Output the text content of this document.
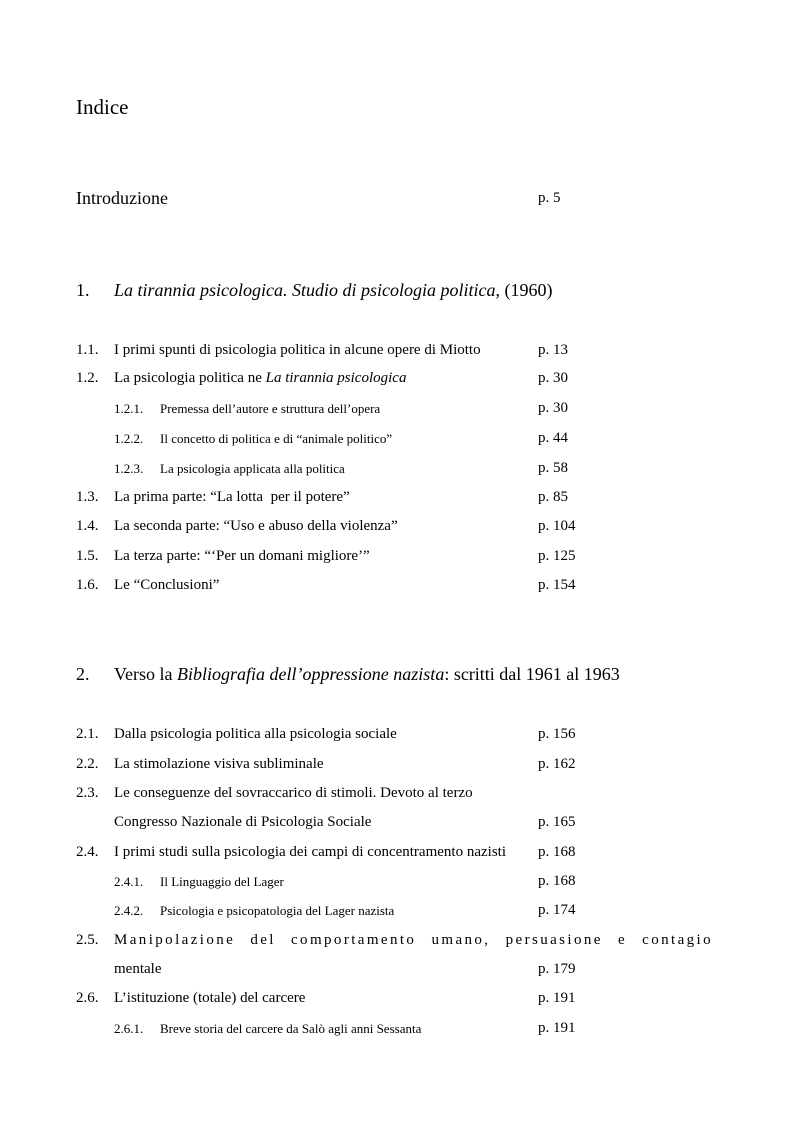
Indice
Introduzione	p. 5
1. La tirannia psicologica. Studio di psicologia politica, (1960)
1.1. I primi spunti di psicologia politica in alcune opere di Miotto	p. 13
1.2. La psicologia politica ne La tirannia psicologica	p. 30
1.2.1. Premessa dell’autore e struttura dell’opera	p. 30
1.2.2. Il concetto di politica e di “animale politico”	p. 44
1.2.3. La psicologia applicata alla politica	p. 58
1.3. La prima parte: “La lotta  per il potere”	p. 85
1.4. La seconda parte: “Uso e abuso della violenza”	p. 104
1.5. La terza parte: “‘Per un domani migliore’”	p. 125
1.6. Le “Conclusioni”	p. 154
2. Verso la Bibliografia dell’oppressione nazista: scritti dal 1961 al 1963
2.1. Dalla psicologia politica alla psicologia sociale	p. 156
2.2. La stimolazione visiva subliminale	p. 162
2.3. Le conseguenze del sovraccarico di stimoli. Devoto al terzo
Congresso Nazionale di Psicologia Sociale	p. 165
2.4. I primi studi sulla psicologia dei campi di concentramento nazisti p. 168
2.4.1. Il Linguaggio del Lager	p. 168
2.4.2. Psicologia e psicopatologia del Lager nazista	p. 174
2.5. Manipolazione del comportamento umano, persuasione e contagio
mentale	p. 179
2.6. L’istituzione (totale) del carcere	p. 191
2.6.1. Breve storia del carcere da Salò agli anni Sessanta	p. 191
